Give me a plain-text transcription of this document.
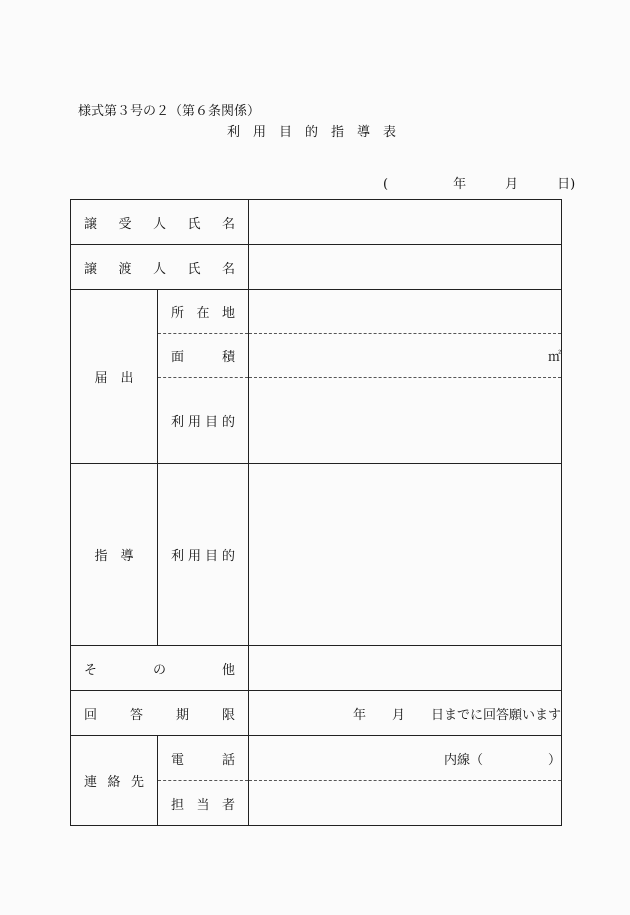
様式第３号の２（第６条関係）
利用目的指導表
(　　　　　年　　　月　　　日)
譲受人氏名		

譲渡人氏名		

届　出	所在地	

	面　積	㎡

	利用目的	

指　導	利用目的	

その他		

回答期限		年　　月　　日までに回答願います

連絡先	電　話	内線（　　　　　）

	担当者	
